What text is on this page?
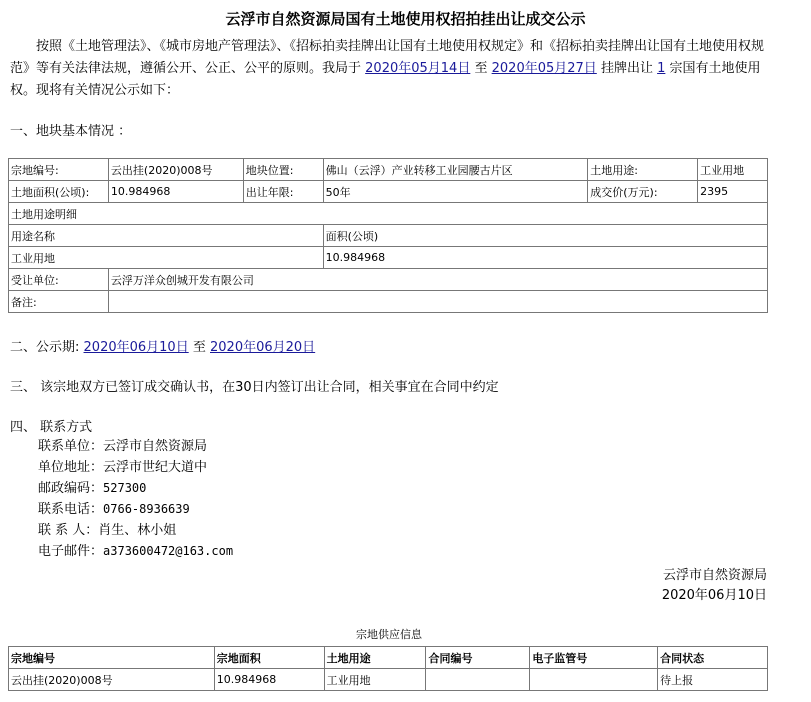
云浮市自然资源局国有土地使用权招拍挂出让成交公示
按照《土地管理法》、《城市房地产管理法》、《招标拍卖挂牌出让国有土地使用权规定》和《招标拍卖挂牌出让国有土地使用权规范》等有关法律法规，遵循公开、公正、公平的原则。我局于 2020年05月14日 至 2020年05月27日 挂牌出让 1 宗国有土地使用权。现将有关情况公示如下：
一、地块基本情况 ：
宗地编号:	云出挂(2020)008号	地块位置:	佛山（云浮）产业转移工业园腰古片区	土地用途:	工业用地
土地面积(公顷):	10.984968	出让年限:	50年	成交价(万元):	2395
土地用途明细					
用途名称			面积(公顷)		
工业用地			10.984968		
受让单位:	云浮万洋众创城开发有限公司				
备注:					
二、公示期: 2020年06月10日 至 2020年06月20日
三、 该宗地双方已签订成交确认书，在30日内签订出让合同，相关事宜在合同中约定
四、 联系方式
联系单位：云浮市自然资源局
单位地址：云浮市世纪大道中
邮政编码：527300
联系电话：0766-8936639
联 系 人：肖生、林小姐
电子邮件：a373600472@163.com
云浮市自然资源局
2020年06月10日
宗地供应信息
宗地编号	宗地面积	土地用途	合同编号	电子监管号	合同状态
云出挂(2020)008号	10.984968	工业用地			待上报
